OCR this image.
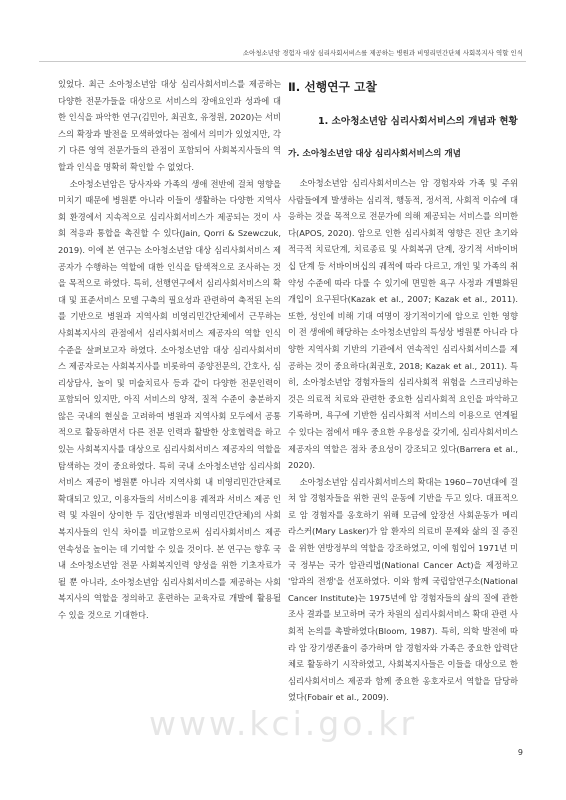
소아청소년암 경험자 대상 심리사회서비스를 제공하는 병원과 비영리민간단체 사회복지사 역할 인식

있었다. 최근 소아청소년암 대상 심리사회서비스를 제공하는 다양한 전문가들을 대상으로 서비스의 장애요인과 성과에 대한 인식을 파악한 연구(김민아, 최권호, 유정원, 2020)는 서비스의 확장과 발전을 모색하였다는 점에서 의미가 있었지만, 각기 다른 영역 전문가들의 관점이 포함되어 사회복지사들의 역할과 인식을 명확히 확인할 수 없었다.

소아청소년암은 당사자와 가족의 생애 전반에 걸쳐 영향을 미치기 때문에 병원뿐 아니라 이들이 생활하는 다양한 지역사회 환경에서 지속적으로 심리사회서비스가 제공되는 것이 사회 적응과 통합을 촉진할 수 있다(Jain, Qorri & Szewczuk, 2019). 이에 본 연구는 소아청소년암 대상 심리사회서비스 제공자가 수행하는 역할에 대한 인식을 탐색적으로 조사하는 것을 목적으로 하였다. 특히, 선행연구에서 심리사회서비스의 확대 및 표준서비스 모델 구축의 필요성과 관련하여 축적된 논의를 기반으로 병원과 지역사회 비영리민간단체에서 근무하는 사회복지사의 관점에서 심리사회서비스 제공자의 역할 인식 수준을 살펴보고자 하였다. 소아청소년암 대상 심리사회서비스 제공자로는 사회복지사를 비롯하여 종양전문의, 간호사, 심리상담사, 놀이 및 미술치료사 등과 같이 다양한 전문인력이 포함되어 있지만, 아직 서비스의 양적, 질적 수준이 충분하지 않은 국내의 현실을 고려하여 병원과 지역사회 모두에서 공통적으로 활동하면서 다른 전문 인력과 활발한 상호협력을 하고 있는 사회복지사를 대상으로 심리사회서비스 제공자의 역할을 탐색하는 것이 중요하였다. 특히 국내 소아청소년암 심리사회서비스 제공이 병원뿐 아니라 지역사회 내 비영리민간단체로 확대되고 있고, 이용자들의 서비스이용 궤적과 서비스 제공 인력 및 자원이 상이한 두 집단(병원과 비영리민간단체)의 사회복지사들의 인식 차이를 비교함으로써 심리사회서비스 제공 연속성을 높이는 데 기여할 수 있을 것이다. 본 연구는 향후 국내 소아청소년암 전문 사회복지인력 양성을 위한 기초자료가 될 뿐 아니라, 소아청소년암 심리사회서비스를 제공하는 사회복지사의 역할을 정의하고 훈련하는 교육자료 개발에 활용될 수 있을 것으로 기대한다.

Ⅱ. 선행연구 고찰

1. 소아청소년암 심리사회서비스의 개념과 현황

가. 소아청소년암 대상 심리사회서비스의 개념

소아청소년암 심리사회서비스는 암 경험자와 가족 및 주위 사람들에게 발생하는 심리적, 행동적, 정서적, 사회적 이슈에 대응하는 것을 목적으로 전문가에 의해 제공되는 서비스를 의미한다(APOS, 2020). 암으로 인한 심리사회적 영향은 진단 초기와 적극적 치료단계, 치료종료 및 사회복귀 단계, 장기적 서바이버십 단계 등 서바이버십의 궤적에 따라 다르고, 개인 및 가족의 취약성 수준에 따라 다룰 수 있기에 면밀한 욕구 사정과 개별화된 개입이 요구된다(Kazak et al., 2007; Kazak et al., 2011). 또한, 성인에 비해 기대 여명이 장기적이기에 암으로 인한 영향이 전 생애에 해당하는 소아청소년암의 특성상 병원뿐 아니라 다양한 지역사회 기반의 기관에서 연속적인 심리사회서비스를 제공하는 것이 중요하다(최권호, 2018; Kazak et al., 2011). 특히, 소아청소년암 경험자들의 심리사회적 위험을 스크리닝하는 것은 의료적 치료와 관련한 중요한 심리사회적 요인을 파악하고 기록하며, 욕구에 기반한 심리사회적 서비스의 이용으로 연계될 수 있다는 점에서 매우 중요한 우용성을 갖기에, 심리사회서비스 제공자의 역할은 점차 중요성이 강조되고 있다(Barrera et al., 2020).

소아청소년암 심리사회서비스의 확대는 1960~70년대에 걸쳐 암 경험자들을 위한 권익 운동에 기반을 두고 있다. 대표적으로 암 경험자를 옹호하기 위해 모금에 앞장선 사회운동가 메리 라스커(Mary Lasker)가 암 환자의 의료비 문제와 삶의 질 증진을 위한 연방정부의 역할을 강조하였고, 이에 힘입어 1971년 미국 정부는 국가 암관리법(National Cancer Act)을 제정하고 '암과의 전쟁'을 선포하였다. 이와 함께 국립암연구소(National Cancer Institute)는 1975년에 암 경험자들의 삶의 질에 관한 조사 결과를 보고하며 국가 차원의 심리사회서비스 확대 관련 사회적 논의를 촉발하였다(Bloom, 1987). 특히, 의학 발전에 따라 암 장기생존율이 증가하며 암 경험자와 가족은 중요한 압력단체로 활동하기 시작하였고, 사회복지사들은 이들을 대상으로 한 심리사회서비스 제공과 함께 중요한 옹호자로서 역할을 담당하였다(Fobair et al., 2009).

www.kci.go.kr
9
